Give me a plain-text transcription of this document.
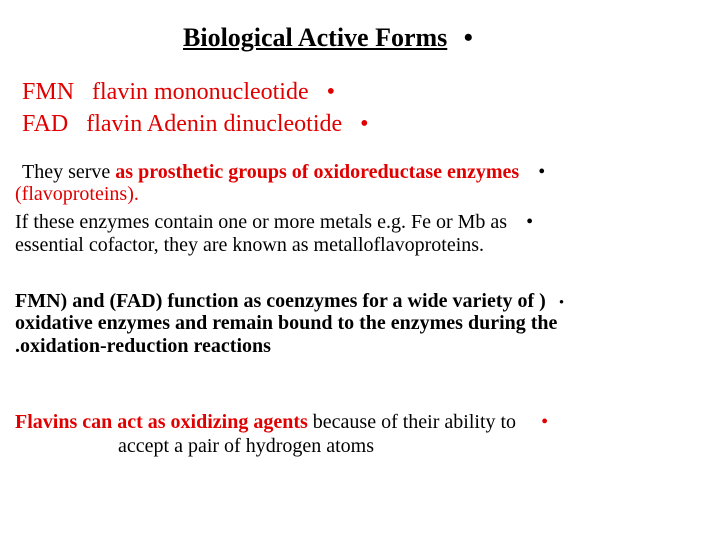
Biological Active Forms •
FMN   flavin mononucleotide •
FAD   flavin Adenin dinucleotide •
They serve as prosthetic groups of oxidoreductase enzymes •
(flavoproteins).
If these enzymes contain one or more metals e.g. Fe or Mb as •
essential cofactor, they are known as metalloflavoproteins.
FMN) and (FAD) function as coenzymes for a wide variety of ) •
oxidative enzymes and remain bound to the enzymes during the
.oxidation-reduction reactions
Flavins can act as oxidizing agents because of their ability to •
accept a pair of hydrogen atoms
